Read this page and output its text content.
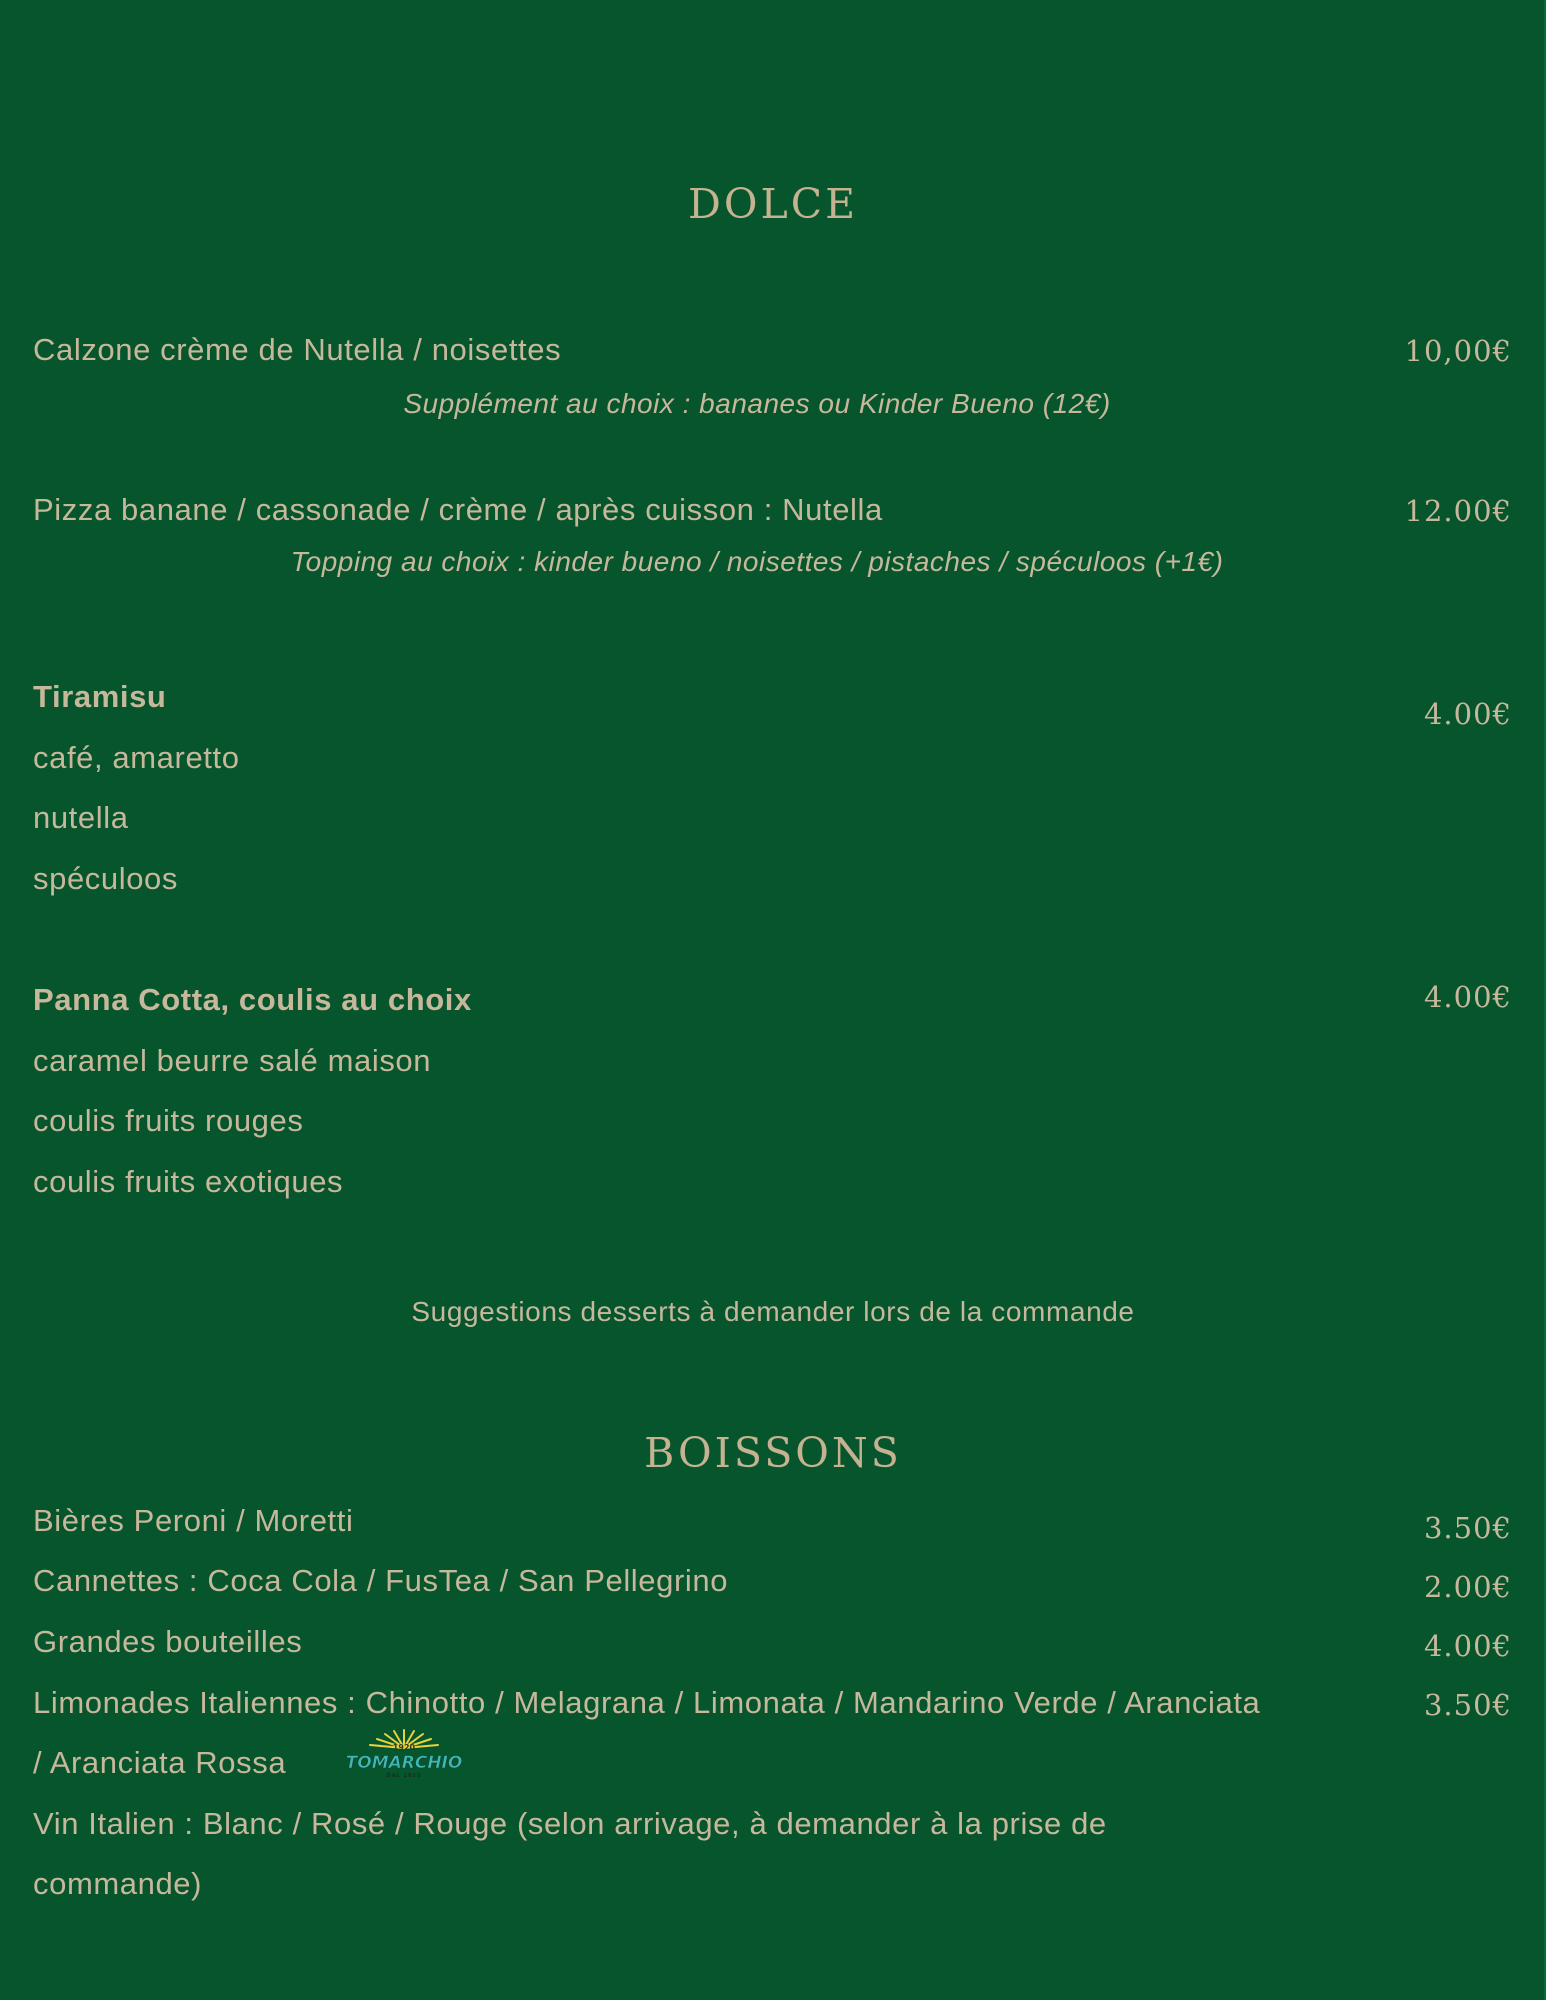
DOLCE
Calzone crème de Nutella / noisettes	10,00€
Supplément au choix : bananes ou Kinder Bueno (12€)
Pizza banane / cassonade / crème / après cuisson : Nutella	12.00€
Topping au choix : kinder bueno / noisettes / pistaches / spéculoos (+1€)
Tiramisu	4.00€
café, amaretto
nutella
spéculoos
Panna Cotta, coulis au choix	4.00€
caramel beurre salé maison
coulis fruits rouges
coulis fruits exotiques
Suggestions desserts à demander lors de la commande
BOISSONS
Bières Peroni / Moretti	3.50€
Cannettes : Coca Cola / FusTea / San Pellegrino	2.00€
Grandes bouteilles	4.00€
Limonades Italiennes : Chinotto / Melagrana / Limonata / Mandarino Verde / Aranciata	3.50€
/ Aranciata Rossa	1920
TOMARCHIO
DAL 1920
Vin Italien : Blanc / Rosé / Rouge (selon arrivage, à demander à la prise de
commande)
